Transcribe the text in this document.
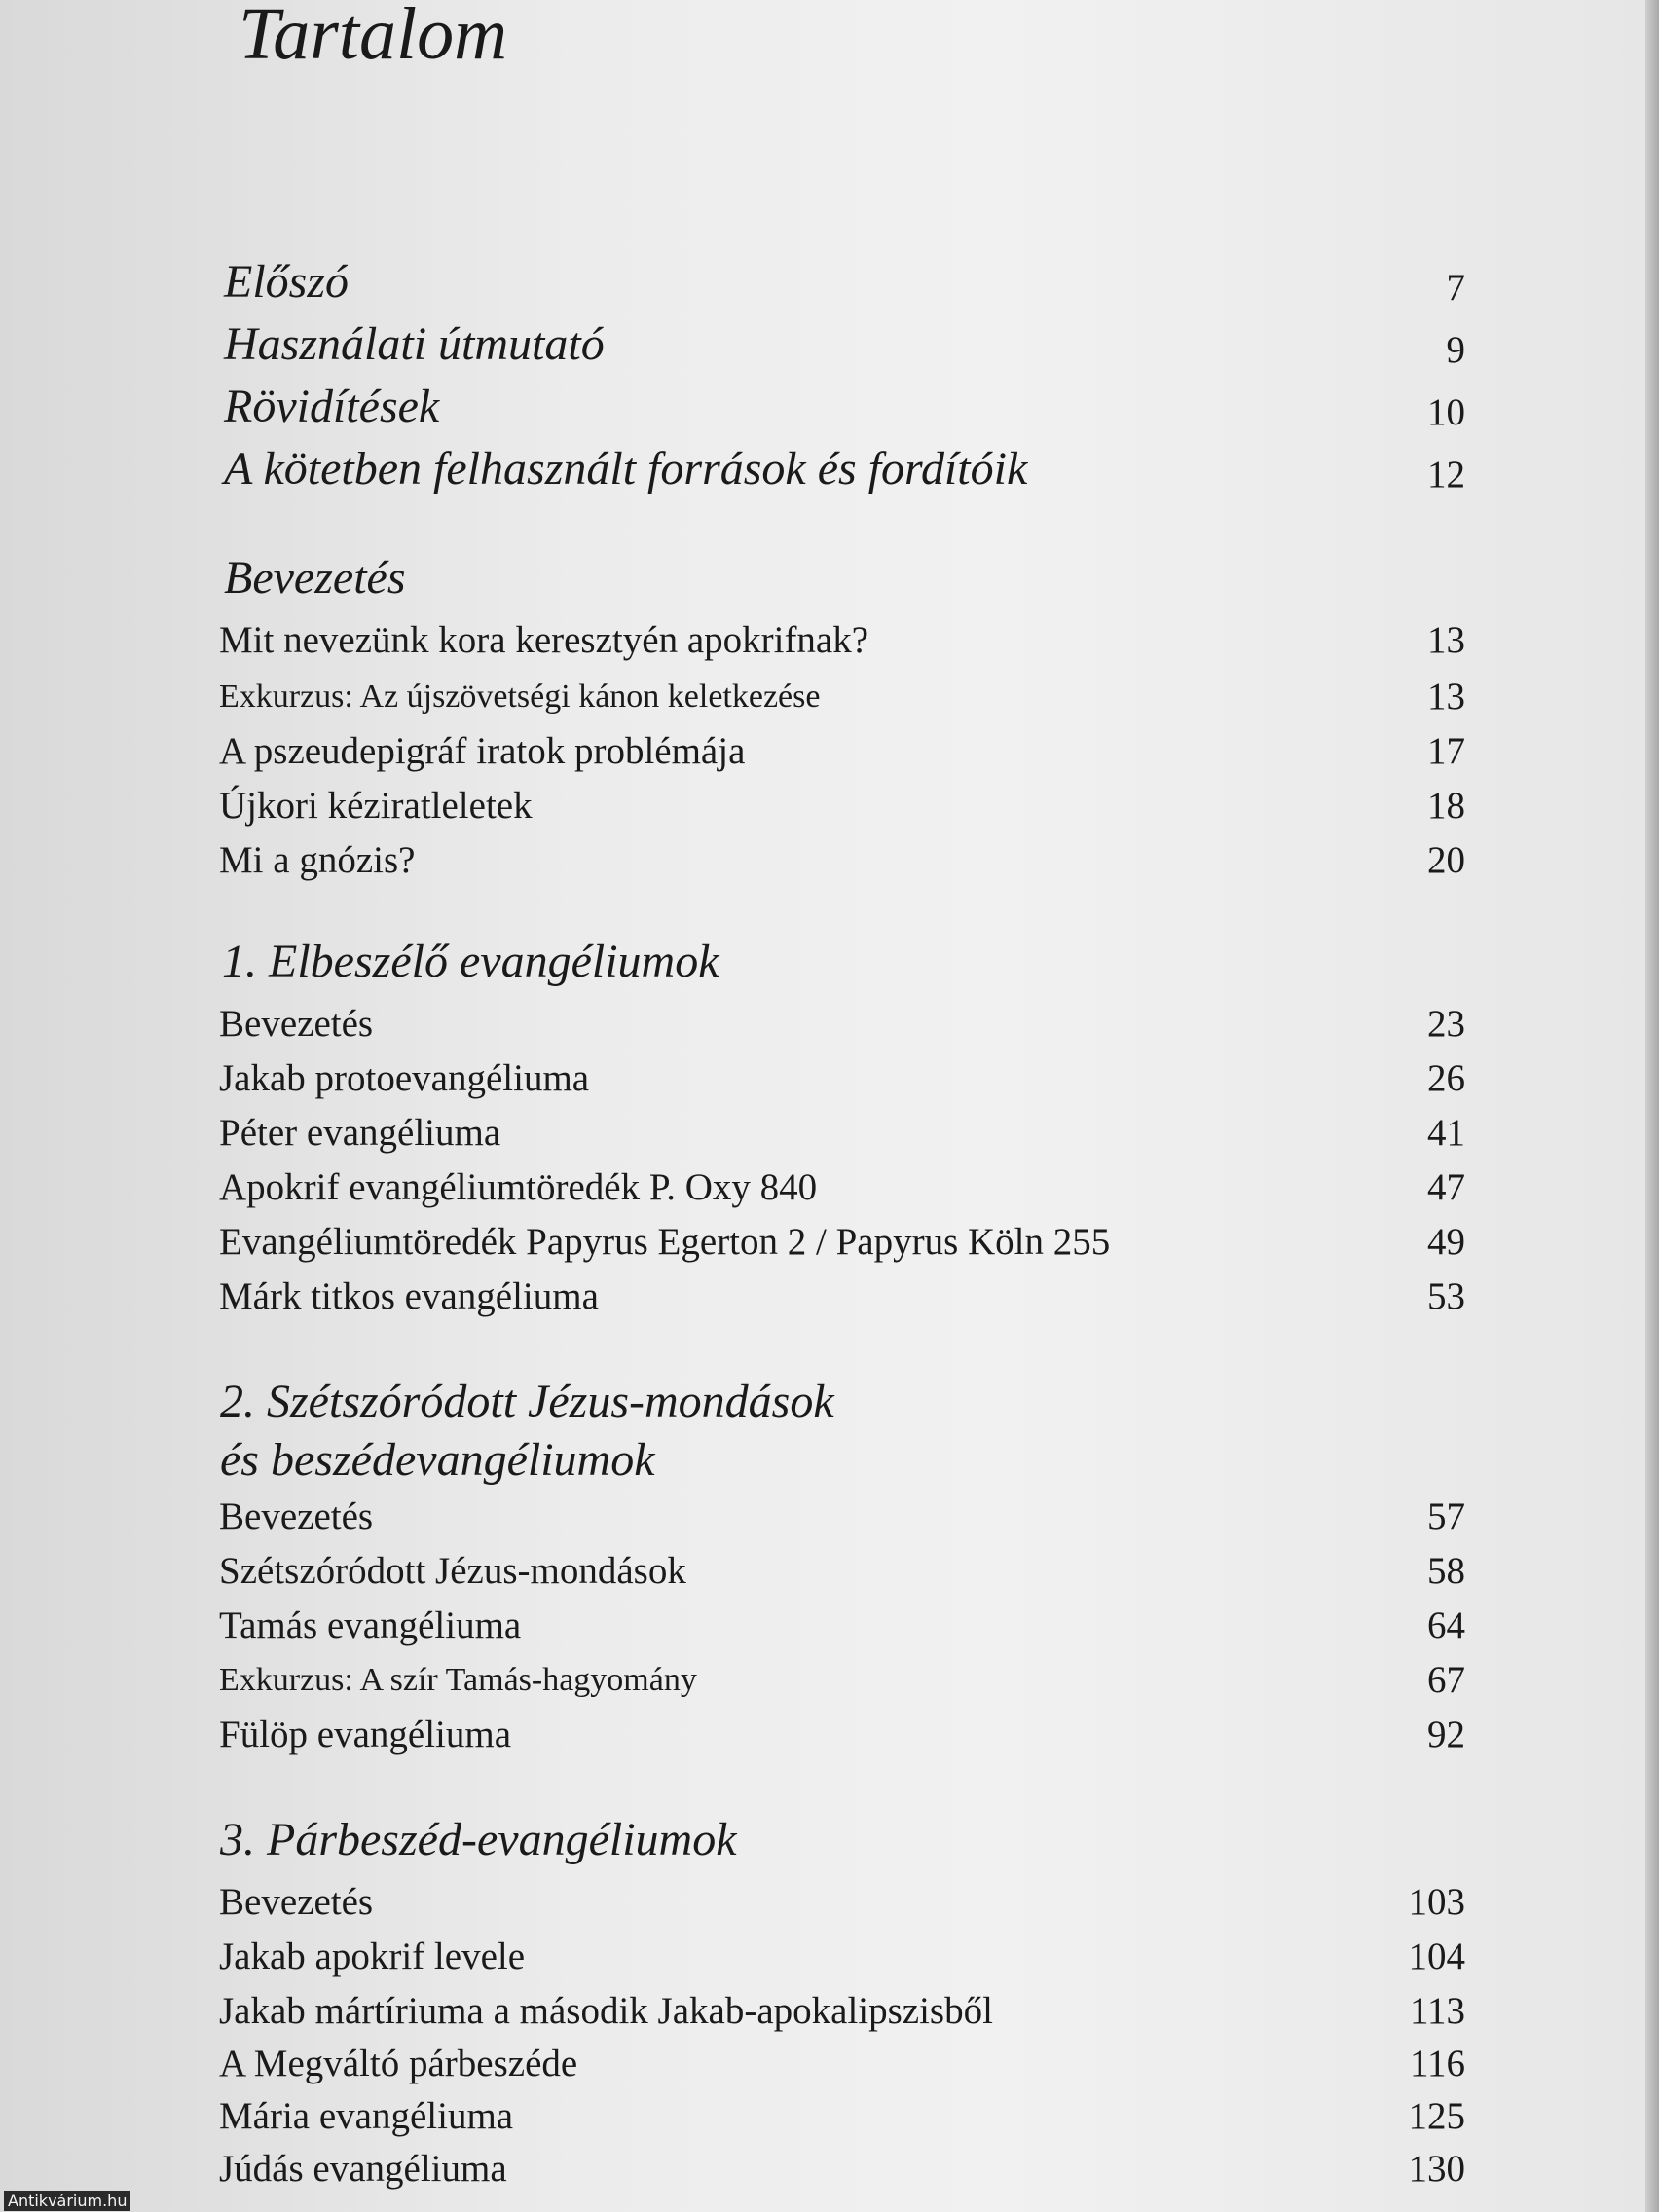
Tartalom
Előszó	7
Használati útmutató	9
Rövidítések	10
A kötetben felhasznált források és fordítóik	12
Bevezetés
Mit nevezünk kora keresztyén apokrifnak?	13
Exkurzus: Az újszövetségi kánon keletkezése	13
A pszeudepigráf iratok problémája	17
Újkori kéziratleletek	18
Mi a gnózis?	20
1. Elbeszélő evangéliumok
Bevezetés	23
Jakab protoevangéliuma	26
Péter evangéliuma	41
Apokrif evangéliumtöredék P. Oxy 840	47
Evangéliumtöredék Papyrus Egerton 2 / Papyrus Köln 255	49
Márk titkos evangéliuma	53
2. Szétszóródott Jézus-mondások
és beszédevangéliumok
Bevezetés	57
Szétszóródott Jézus-mondások	58
Tamás evangéliuma	64
Exkurzus: A szír Tamás-hagyomány	67
Fülöp evangéliuma	92
3. Párbeszéd-evangéliumok
Bevezetés	103
Jakab apokrif levele	104
Jakab mártíriuma a második Jakab-apokalipszisből	113
A Megváltó párbeszéde	116
Mária evangéliuma	125
Júdás evangéliuma	130
Antikvárium.hu
